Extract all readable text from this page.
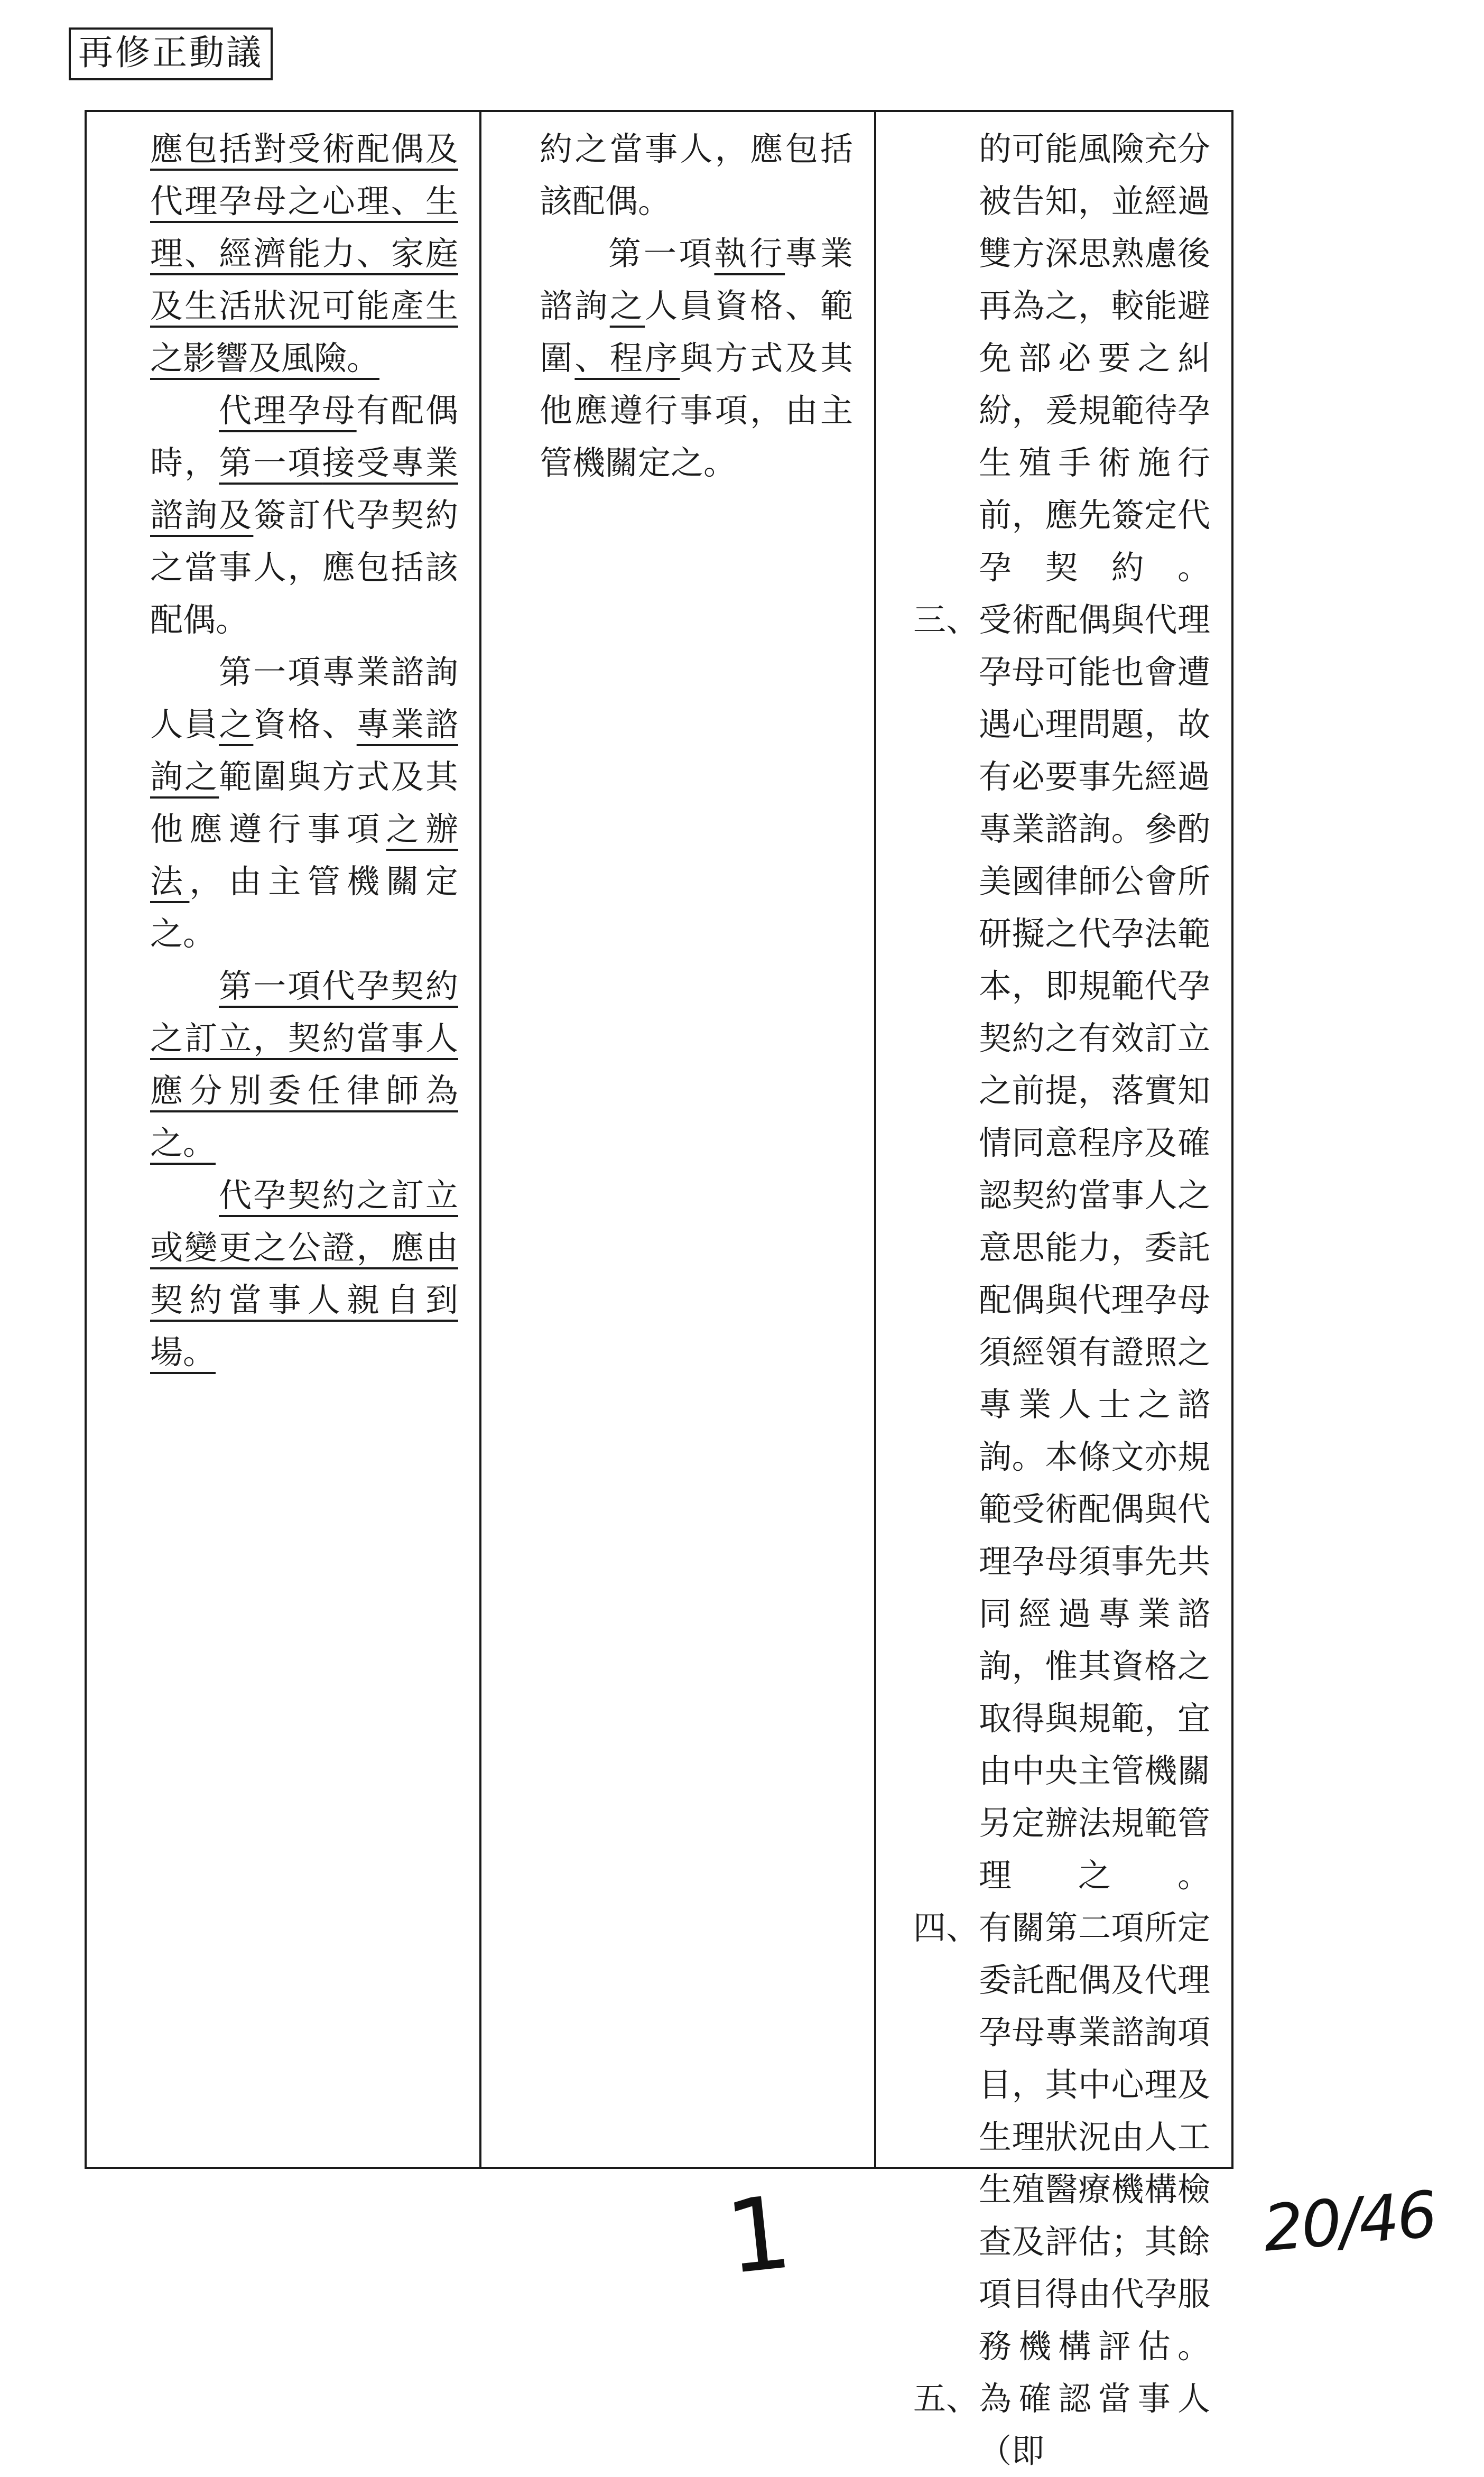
再修正動議

應包括對受術配偶及代理孕母之心理、生理、經濟能力、家庭及生活狀況可能產生之影響及風險。

代理孕母有配偶時，第一項接受專業諮詢及簽訂代孕契約之當事人，應包括該配偶。

第一項專業諮詢人員之資格、專業諮詢之範圍與方式及其他應遵行事項之辦法，由主管機關定之。

第一項代孕契約之訂立，契約當事人應分別委任律師為之。

代孕契約之訂立或變更之公證，應由契約當事人親自到場。

約之當事人，應包括該配偶。

第一項執行專業諮詢之人員資格、範圍、程序與方式及其他應遵行事項，由主管機關定之。

的可能風險充分被告知，並經過雙方深思熟慮後再為之，較能避免部必要之糾紛，爰規範待孕生殖手術施行前，應先簽定代孕契約。

三、 受術配偶與代理孕母可能也會遭遇心理問題，故有必要事先經過專業諮詢。參酌美國律師公會所研擬之代孕法範本，即規範代孕契約之有效訂立之前提，落實知情同意程序及確認契約當事人之意思能力，委託配偶與代理孕母須經領有證照之專業人士之諮詢。本條文亦規範受術配偶與代理孕母須事先共同經過專業諮詢，惟其資格之取得與規範，宜由中央主管機關另定辦法規範管理之。

四、 有關第二項所定委託配偶及代理孕母專業諮詢項目，其中心理及生理狀況由人工生殖醫療機構檢查及評估；其餘項目得由代孕服務機構評估。

五、 為確認當事人（即

1	20/46
